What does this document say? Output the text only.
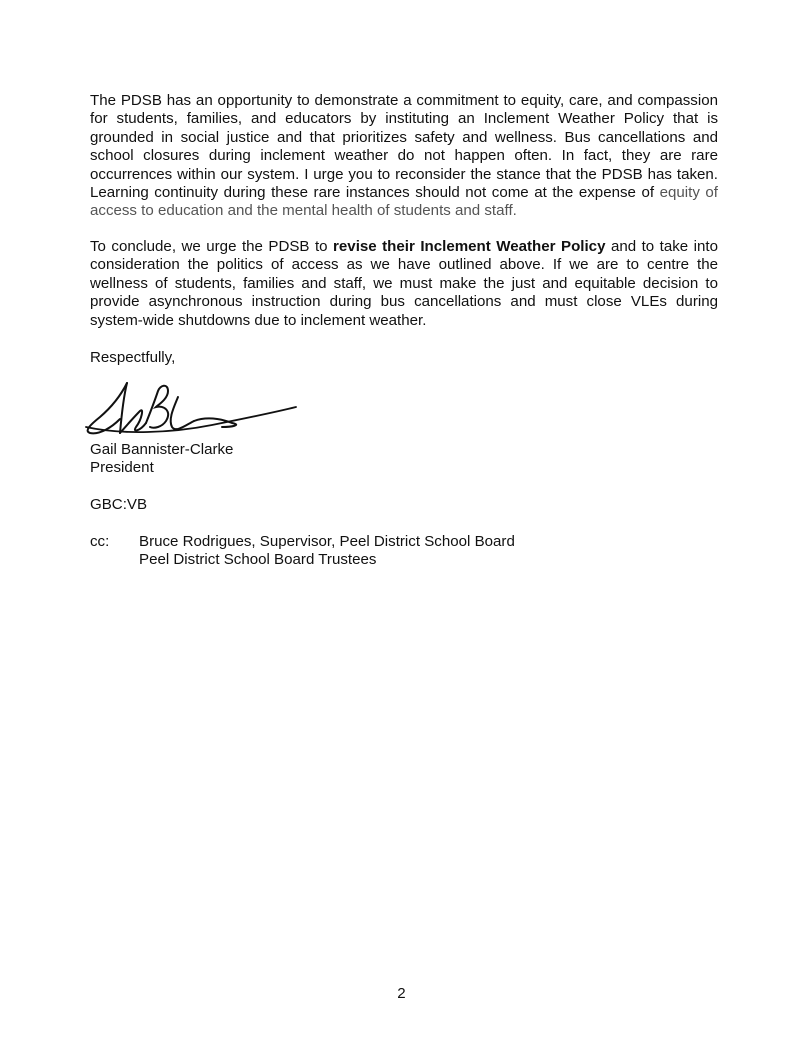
The PDSB has an opportunity to demonstrate a commitment to equity, care, and compassion for students, families, and educators by instituting an Inclement Weather Policy that is grounded in social justice and that prioritizes safety and wellness. Bus cancellations and school closures during inclement weather do not happen often. In fact, they are rare occurrences within our system. I urge you to reconsider the stance that the PDSB has taken. Learning continuity during these rare instances should not come at the expense of equity of access to education and the mental health of students and staff.

To conclude, we urge the PDSB to revise their Inclement Weather Policy and to take into consideration the politics of access as we have outlined above. If we are to centre the wellness of students, families and staff, we must make the just and equitable decision to provide asynchronous instruction during bus cancellations and must close VLEs during system-wide shutdowns due to inclement weather.

Respectfully,
Gail Bannister-Clarke
President
GBC:VB
cc:	Bruce Rodrigues, Supervisor, Peel District School Board
Peel District School Board Trustees
2
